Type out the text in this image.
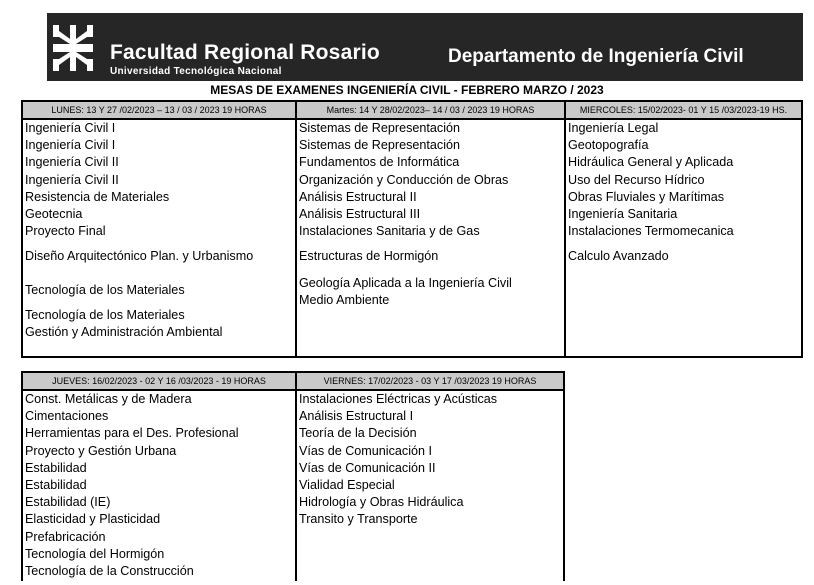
Facultad Regional Rosario
Universidad Tecnológica Nacional
Departamento de Ingeniería Civil
MESAS DE EXAMENES INGENIERÍA CIVIL - FEBRERO MARZO / 2023
LUNES: 13 Y 27 /02/2023 – 13 / 03 / 2023 19 HORAS
Ingeniería Civil I
Ingeniería Civil I
Ingeniería Civil II
Ingeniería Civil II
Resistencia de Materiales
Geotecnia
Proyecto Final
Diseño Arquitectónico Plan. y Urbanismo
Tecnología de los Materiales
Tecnología de los Materiales
Gestión y Administración Ambiental
Martes: 14 Y 28/02/2023– 14 / 03 / 2023 19 HORAS
Sistemas de Representación
Sistemas de Representación
Fundamentos de Informática
Organización y Conducción de Obras
Análisis Estructural II
Análisis Estructural III
Instalaciones Sanitaria y de Gas
Estructuras de Hormigón
Geología Aplicada a la Ingeniería Civil
Medio Ambiente
MIERCOLES: 15/02/2023- 01 Y 15 /03/2023-19 HS.
Ingeniería Legal
Geotopografía
Hidráulica General y Aplicada
Uso del Recurso Hídrico
Obras Fluviales y Marítimas
Ingeniería Sanitaria
Instalaciones Termomecanica
Calculo Avanzado
JUEVES: 16/02/2023 - 02 Y 16 /03/2023 - 19 HORAS
Const. Metálicas y de Madera
Cimentaciones
Herramientas para el Des. Profesional
Proyecto y Gestión Urbana
Estabilidad
Estabilidad
Estabilidad (IE)
Elasticidad y Plasticidad
Prefabricación
Tecnología del Hormigón
Tecnología de la Construcción
VIERNES: 17/02/2023 - 03 Y 17 /03/2023 19 HORAS
Instalaciones Eléctricas y Acústicas
Análisis Estructural I
Teoría de la Decisión
Vías de Comunicación I
Vías de Comunicación II
Vialidad Especial
Hidrología y Obras Hidráulica
Transito y Transporte
